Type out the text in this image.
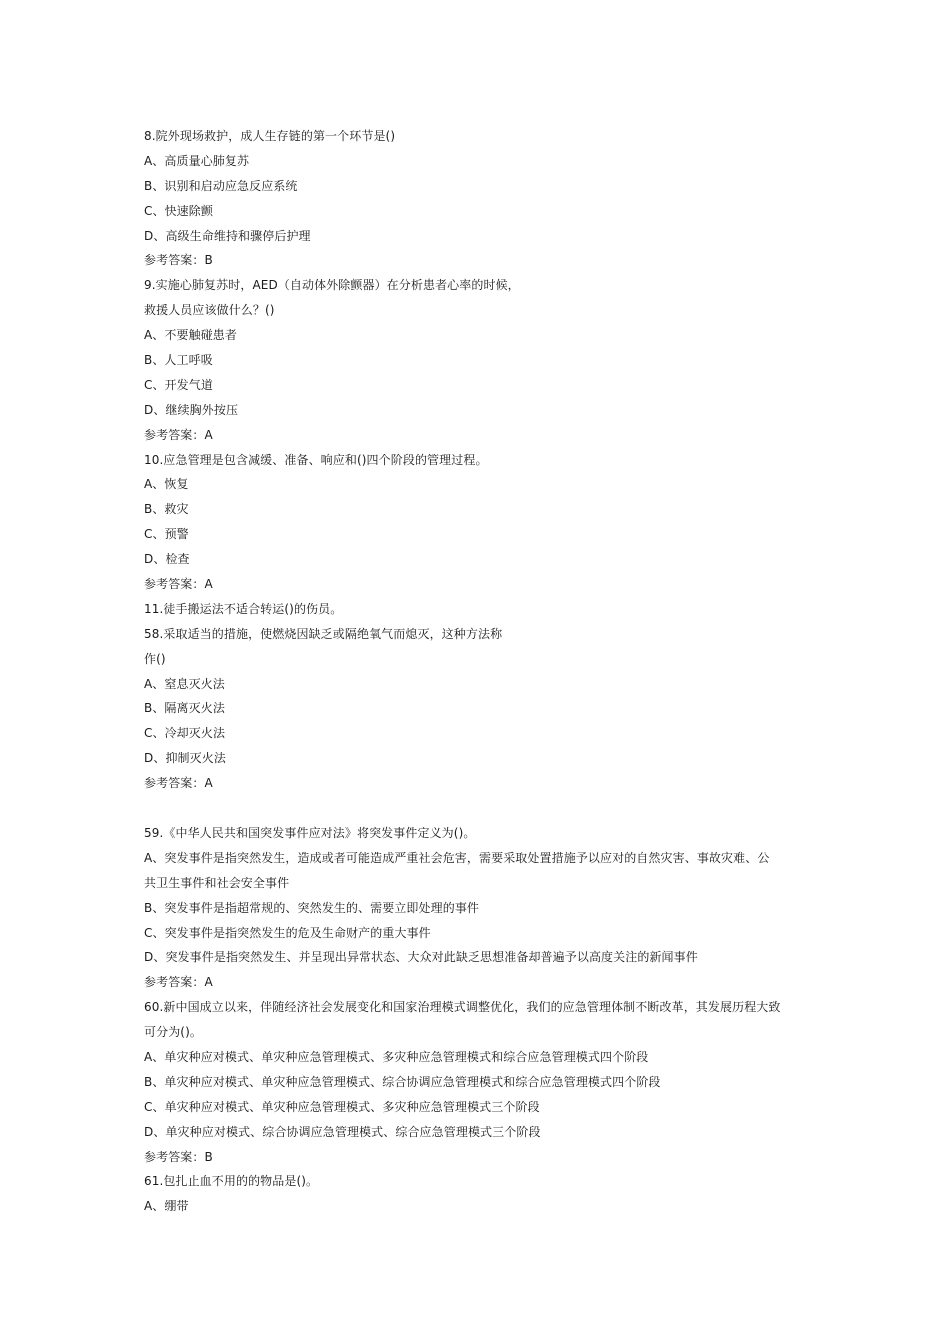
8.院外现场救护，成人生存链的第一个环节是()
A、高质量心肺复苏
B、识别和启动应急反应系统
C、快速除颤
D、高级生命维持和骤停后护理
参考答案：B
9.实施心肺复苏时，AED（自动体外除颤器）在分析患者心率的时候，
救援人员应该做什么？()
A、不要触碰患者
B、人工呼吸
C、开发气道
D、继续胸外按压
参考答案：A
10.应急管理是包含减缓、准备、响应和()四个阶段的管理过程。
A、恢复
B、救灾
C、预警
D、检查
参考答案：A
11.徒手搬运法不适合转运()的伤员。
58.采取适当的措施，使燃烧因缺乏或隔绝氧气而熄灭，这种方法称
作()
A、窒息灭火法
B、隔离灭火法
C、冷却灭火法
D、抑制灭火法
参考答案：A
59.《中华人民共和国突发事件应对法》将突发事件定义为()。
A、突发事件是指突然发生，造成或者可能造成严重社会危害，需要采取处置措施予以应对的自然灾害、事故灾难、公
共卫生事件和社会安全事件
B、突发事件是指超常规的、突然发生的、需要立即处理的事件
C、突发事件是指突然发生的危及生命财产的重大事件
D、突发事件是指突然发生、并呈现出异常状态、大众对此缺乏思想准备却普遍予以高度关注的新闻事件
参考答案：A
60.新中国成立以来，伴随经济社会发展变化和国家治理模式调整优化，我们的应急管理体制不断改革，其发展历程大致
可分为()。
A、单灾种应对模式、单灾种应急管理模式、多灾种应急管理模式和综合应急管理模式四个阶段
B、单灾种应对模式、单灾种应急管理模式、综合协调应急管理模式和综合应急管理模式四个阶段
C、单灾种应对模式、单灾种应急管理模式、多灾种应急管理模式三个阶段
D、单灾种应对模式、综合协调应急管理模式、综合应急管理模式三个阶段
参考答案：B
61.包扎止血不用的的物品是()。
A、绷带
